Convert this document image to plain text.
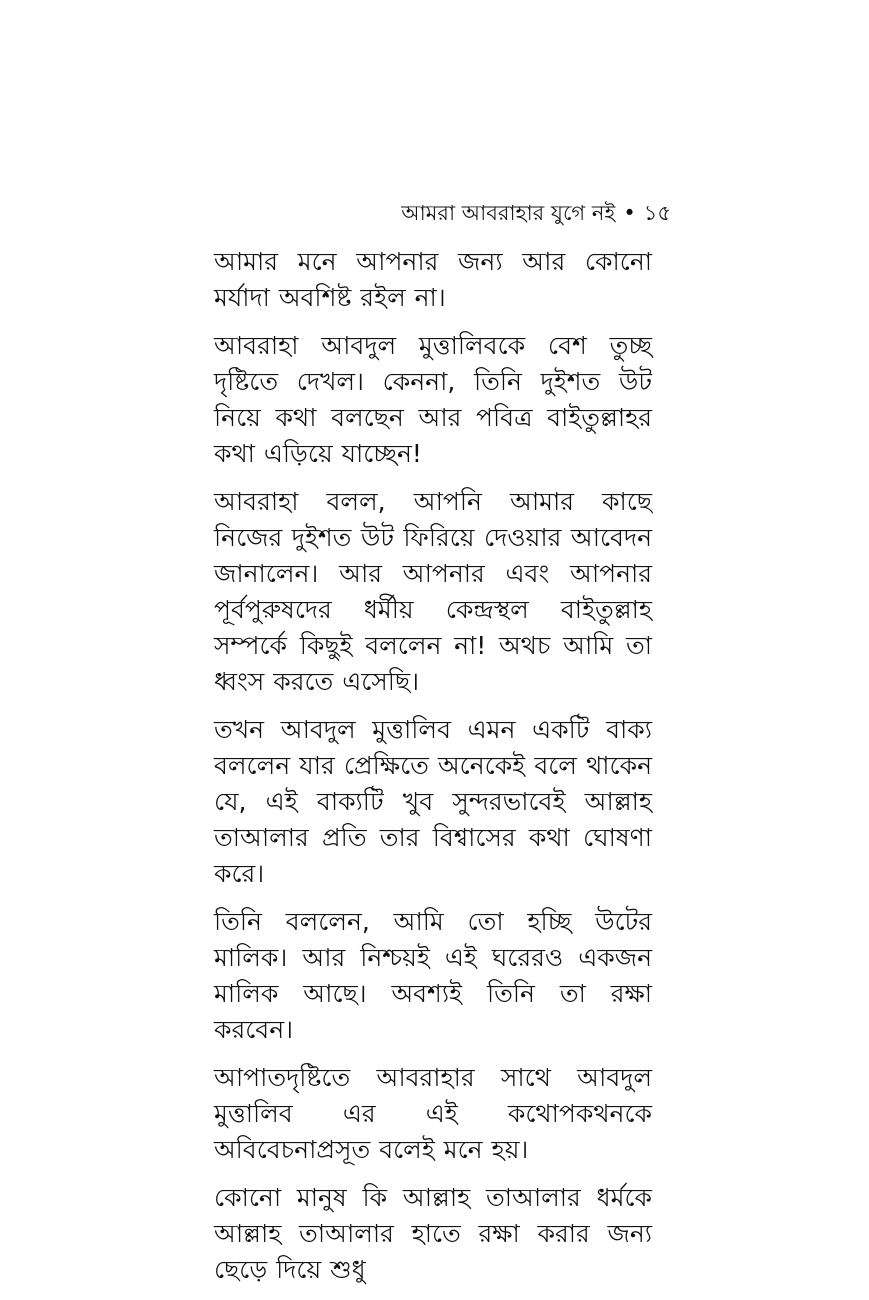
আমরা আবরাহার যুগে নই • ১৫

আমার মনে আপনার জন্য আর কোনো মর্যাদা অবশিষ্ট রইল না।

আবরাহা আবদুল মুত্তালিবকে বেশ তুচ্ছ দৃষ্টিতে দেখল। কেননা, তিনি দুইশত উট নিয়ে কথা বলছেন আর পবিত্র বাইতুল্লাহর কথা এড়িয়ে যাচ্ছেন!

আবরাহা বলল, আপনি আমার কাছে নিজের দুইশত উট ফিরিয়ে দেওয়ার আবেদন জানালেন। আর আপনার এবং আপনার পূর্বপুরুষদের ধর্মীয় কেন্দ্রস্থল বাইতুল্লাহ সম্পর্কে কিছুই বললেন না! অথচ আমি তা ধ্বংস করতে এসেছি।

তখন আবদুল মুত্তালিব এমন একটি বাক্য বললেন যার প্রেক্ষিতে অনেকেই বলে থাকেন যে, এই বাক্যটি খুব সুন্দরভাবেই আল্লাহ তাআলার প্রতি তার বিশ্বাসের কথা ঘোষণা করে।

তিনি বললেন, আমি তো হচ্ছি উটের মালিক। আর নিশ্চয়ই এই ঘরেরও একজন মালিক আছে। অবশ্যই তিনি তা রক্ষা করবেন।

আপাতদৃষ্টিতে আবরাহার সাথে আবদুল মুত্তালিব এর এই কথোপকথনকে অবিবেচনাপ্রসূত বলেই মনে হয়।

কোনো মানুষ কি আল্লাহ তাআলার ধর্মকে আল্লাহ তাআলার হাতে রক্ষা করার জন্য ছেড়ে দিয়ে শুধু
